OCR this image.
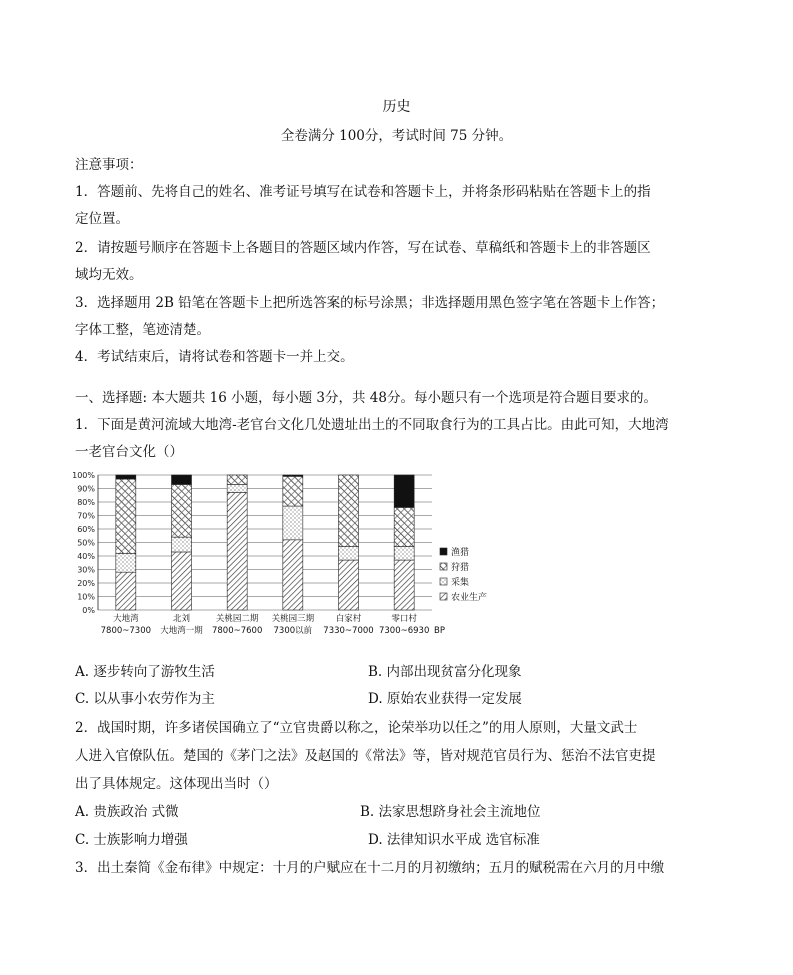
历史
全卷满分 100分，考试时间 75 分钟。
注意事项：
1．答题前、先将自己的姓名、准考证号填写在试卷和答题卡上，并将条形码粘贴在答题卡上的指
定位置。
2．请按题号顺序在答题卡上各题目的答题区域内作答，写在试卷、草稿纸和答题卡上的非答题区
域均无效。
3．选择题用 2B 铅笔在答题卡上把所选答案的标号涂黑；非选择题用黑色签字笔在答题卡上作答；
字体工整，笔迹清楚。
4．考试结束后，请将试卷和答题卡一并上交。
一、选择题: 本大题共 16 小题，每小题 3分，共 48分。每小题只有一个选项是符合题目要求的。
1．下面是黄河流域大地湾-老官台文化几处遗址出土的不同取食行为的工具占比。由此可知，大地湾
一老官台文化（）
0%
10%
20%
30%
40%
50%
60%
70%
80%
90%
100%
大地湾
7800~7300
北刘
大地湾一期
关桃园二期
7800~7600
关桃园三期
7300以前
白家村
7330~7000
零口村
7300~6930 BP
渔猎
狩猎
采集
农业生产
A. 逐步转向了游牧生活	B. 内部出现贫富分化现象
C. 以从事小农劳作为主	D. 原始农业获得一定发展
2．战国时期，许多诸侯国确立了“立官贵爵以称之，论荣举功以任之”的用人原则，大量文武士
人进入官僚队伍。楚国的《茅门之法》及赵国的《常法》等，皆对规范官员行为、惩治不法官吏提
出了具体规定。这体现出当时（）
A. 贵族政治 式微	B. 法家思想跻身社会主流地位
C. 士族影响力增强	D. 法律知识水平成 选官标准
3．出土秦简《金布律》中规定：十月的户赋应在十二月的月初缴纳；五月的赋税需在六月的月中缴
